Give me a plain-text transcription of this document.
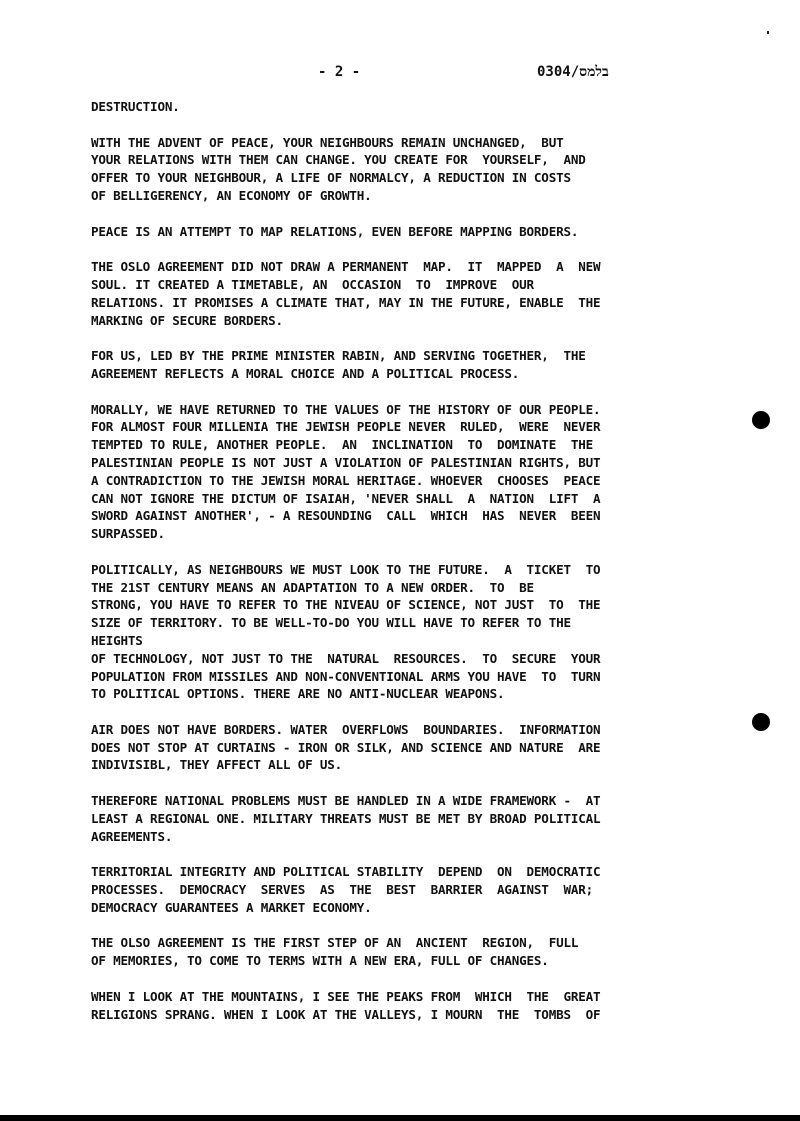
- 2 -	בלמס/0304

DESTRUCTION.

WITH THE ADVENT OF PEACE, YOUR NEIGHBOURS REMAIN UNCHANGED,  BUT
YOUR RELATIONS WITH THEM CAN CHANGE. YOU CREATE FOR  YOURSELF,  AND
OFFER TO YOUR NEIGHBOUR, A LIFE OF NORMALCY, A REDUCTION IN COSTS
OF BELLIGERENCY, AN ECONOMY OF GROWTH.

PEACE IS AN ATTEMPT TO MAP RELATIONS, EVEN BEFORE MAPPING BORDERS.

THE OSLO AGREEMENT DID NOT DRAW A PERMANENT  MAP.  IT  MAPPED  A  NEW
SOUL. IT CREATED A TIMETABLE, AN  OCCASION  TO  IMPROVE  OUR
RELATIONS. IT PROMISES A CLIMATE THAT, MAY IN THE FUTURE, ENABLE  THE
MARKING OF SECURE BORDERS.

FOR US, LED BY THE PRIME MINISTER RABIN, AND SERVING TOGETHER,  THE
AGREEMENT REFLECTS A MORAL CHOICE AND A POLITICAL PROCESS.

MORALLY, WE HAVE RETURNED TO THE VALUES OF THE HISTORY OF OUR PEOPLE.
FOR ALMOST FOUR MILLENIA THE JEWISH PEOPLE NEVER  RULED,  WERE  NEVER
TEMPTED TO RULE, ANOTHER PEOPLE.  AN  INCLINATION  TO  DOMINATE  THE
PALESTINIAN PEOPLE IS NOT JUST A VIOLATION OF PALESTINIAN RIGHTS, BUT
A CONTRADICTION TO THE JEWISH MORAL HERITAGE. WHOEVER  CHOOSES  PEACE
CAN NOT IGNORE THE DICTUM OF ISAIAH, 'NEVER SHALL  A  NATION  LIFT  A
SWORD AGAINST ANOTHER', - A RESOUNDING  CALL  WHICH  HAS  NEVER  BEEN
SURPASSED.

POLITICALLY, AS NEIGHBOURS WE MUST LOOK TO THE FUTURE.  A  TICKET  TO
THE 21ST CENTURY MEANS AN ADAPTATION TO A NEW ORDER.  TO  BE
STRONG, YOU HAVE TO REFER TO THE NIVEAU OF SCIENCE, NOT JUST  TO  THE
SIZE OF TERRITORY. TO BE WELL-TO-DO YOU WILL HAVE TO REFER TO THE
HEIGHTS
OF TECHNOLOGY, NOT JUST TO THE  NATURAL  RESOURCES.  TO  SECURE  YOUR
POPULATION FROM MISSILES AND NON-CONVENTIONAL ARMS YOU HAVE  TO  TURN
TO POLITICAL OPTIONS. THERE ARE NO ANTI-NUCLEAR WEAPONS.

AIR DOES NOT HAVE BORDERS. WATER  OVERFLOWS  BOUNDARIES.  INFORMATION
DOES NOT STOP AT CURTAINS - IRON OR SILK, AND SCIENCE AND NATURE  ARE
INDIVISIBL, THEY AFFECT ALL OF US.

THEREFORE NATIONAL PROBLEMS MUST BE HANDLED IN A WIDE FRAMEWORK -  AT
LEAST A REGIONAL ONE. MILITARY THREATS MUST BE MET BY BROAD POLITICAL
AGREEMENTS.

TERRITORIAL INTEGRITY AND POLITICAL STABILITY  DEPEND  ON  DEMOCRATIC
PROCESSES.  DEMOCRACY  SERVES  AS  THE  BEST  BARRIER  AGAINST  WAR;
DEMOCRACY GUARANTEES A MARKET ECONOMY.

THE OLSO AGREEMENT IS THE FIRST STEP OF AN  ANCIENT  REGION,  FULL
OF MEMORIES, TO COME TO TERMS WITH A NEW ERA, FULL OF CHANGES.

WHEN I LOOK AT THE MOUNTAINS, I SEE THE PEAKS FROM  WHICH  THE  GREAT
RELIGIONS SPRANG. WHEN I LOOK AT THE VALLEYS, I MOURN  THE  TOMBS  OF
